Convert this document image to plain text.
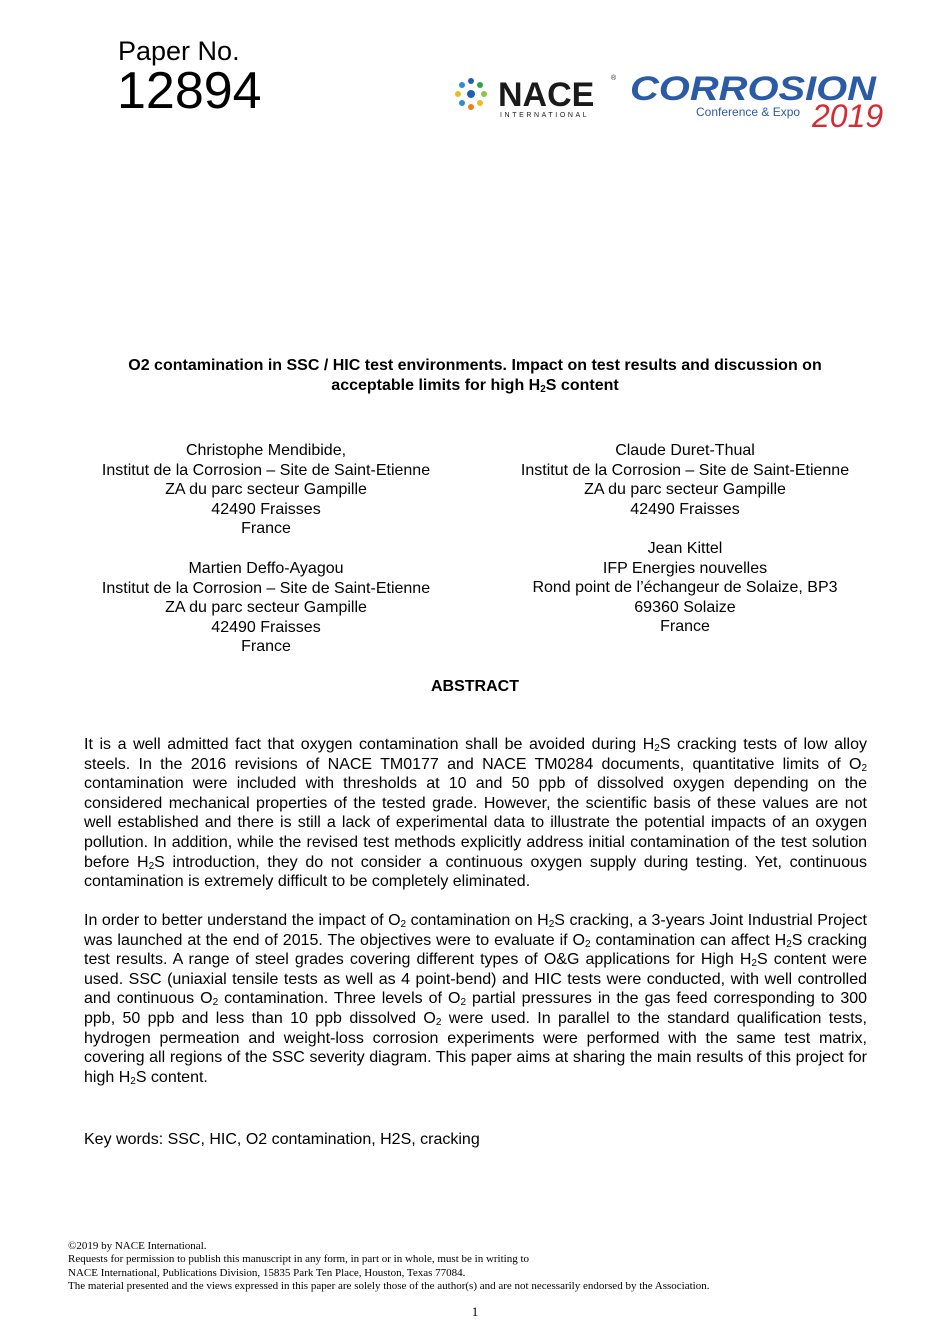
Paper No.
12894	NACE ®
INTERNATIONAL
CORROSION
Conference & Expo 2019
O2 contamination in SSC / HIC test environments. Impact on test results and discussion on
acceptable limits for high $H_2S$ content
Christophe Mendibide,
Institut de la Corrosion – Site de Saint-Etienne
ZA du parc secteur Gampille
42490 Fraisses
France
Martien Deffo-Ayagou
Institut de la Corrosion – Site de Saint-Etienne
ZA du parc secteur Gampille
42490 Fraisses
France
Claude Duret-Thual
Institut de la Corrosion – Site de Saint-Etienne
ZA du parc secteur Gampille
42490 Fraisses
Jean Kittel
IFP Energies nouvelles
Rond point de l’échangeur de Solaize, BP3
69360 Solaize
France
ABSTRACT
It is a well admitted fact that oxygen contamination shall be avoided during $H_2S$ cracking tests of low alloy steels. In the 2016 revisions of NACE TM0177 and NACE TM0284 documents, quantitative limits of $O_2$ contamination were included with thresholds at 10 and 50 ppb of dissolved oxygen depending on the considered mechanical properties of the tested grade. However, the scientific basis of these values are not well established and there is still a lack of experimental data to illustrate the potential impacts of an oxygen pollution. In addition, while the revised test methods explicitly address initial contamination of the test solution before $H_2S$ introduction, they do not consider a continuous oxygen supply during testing. Yet, continuous contamination is extremely difficult to be completely eliminated.
In order to better understand the impact of $O_2$ contamination on $H_2S$ cracking, a 3-years Joint Industrial Project was launched at the end of 2015. The objectives were to evaluate if $O_2$ contamination can affect $H_2S$ cracking test results. A range of steel grades covering different types of O&G applications for High $H_2S$ content were used. SSC (uniaxial tensile tests as well as 4 point-bend) and HIC tests were conducted, with well controlled and continuous $O_2$ contamination. Three levels of $O_2$ partial pressures in the gas feed corresponding to 300 ppb, 50 ppb and less than 10 ppb dissolved $O_2$ were used. In parallel to the standard qualification tests, hydrogen permeation and weight-loss corrosion experiments were performed with the same test matrix, covering all regions of the SSC severity diagram. This paper aims at sharing the main results of this project for high $H_2S$ content.
Key words: SSC, HIC, O2 contamination, H2S, cracking
©2019 by NACE International.
Requests for permission to publish this manuscript in any form, in part or in whole, must be in writing to
NACE International, Publications Division, 15835 Park Ten Place, Houston, Texas 77084.
The material presented and the views expressed in this paper are solely those of the author(s) and are not necessarily endorsed by the Association.
1
